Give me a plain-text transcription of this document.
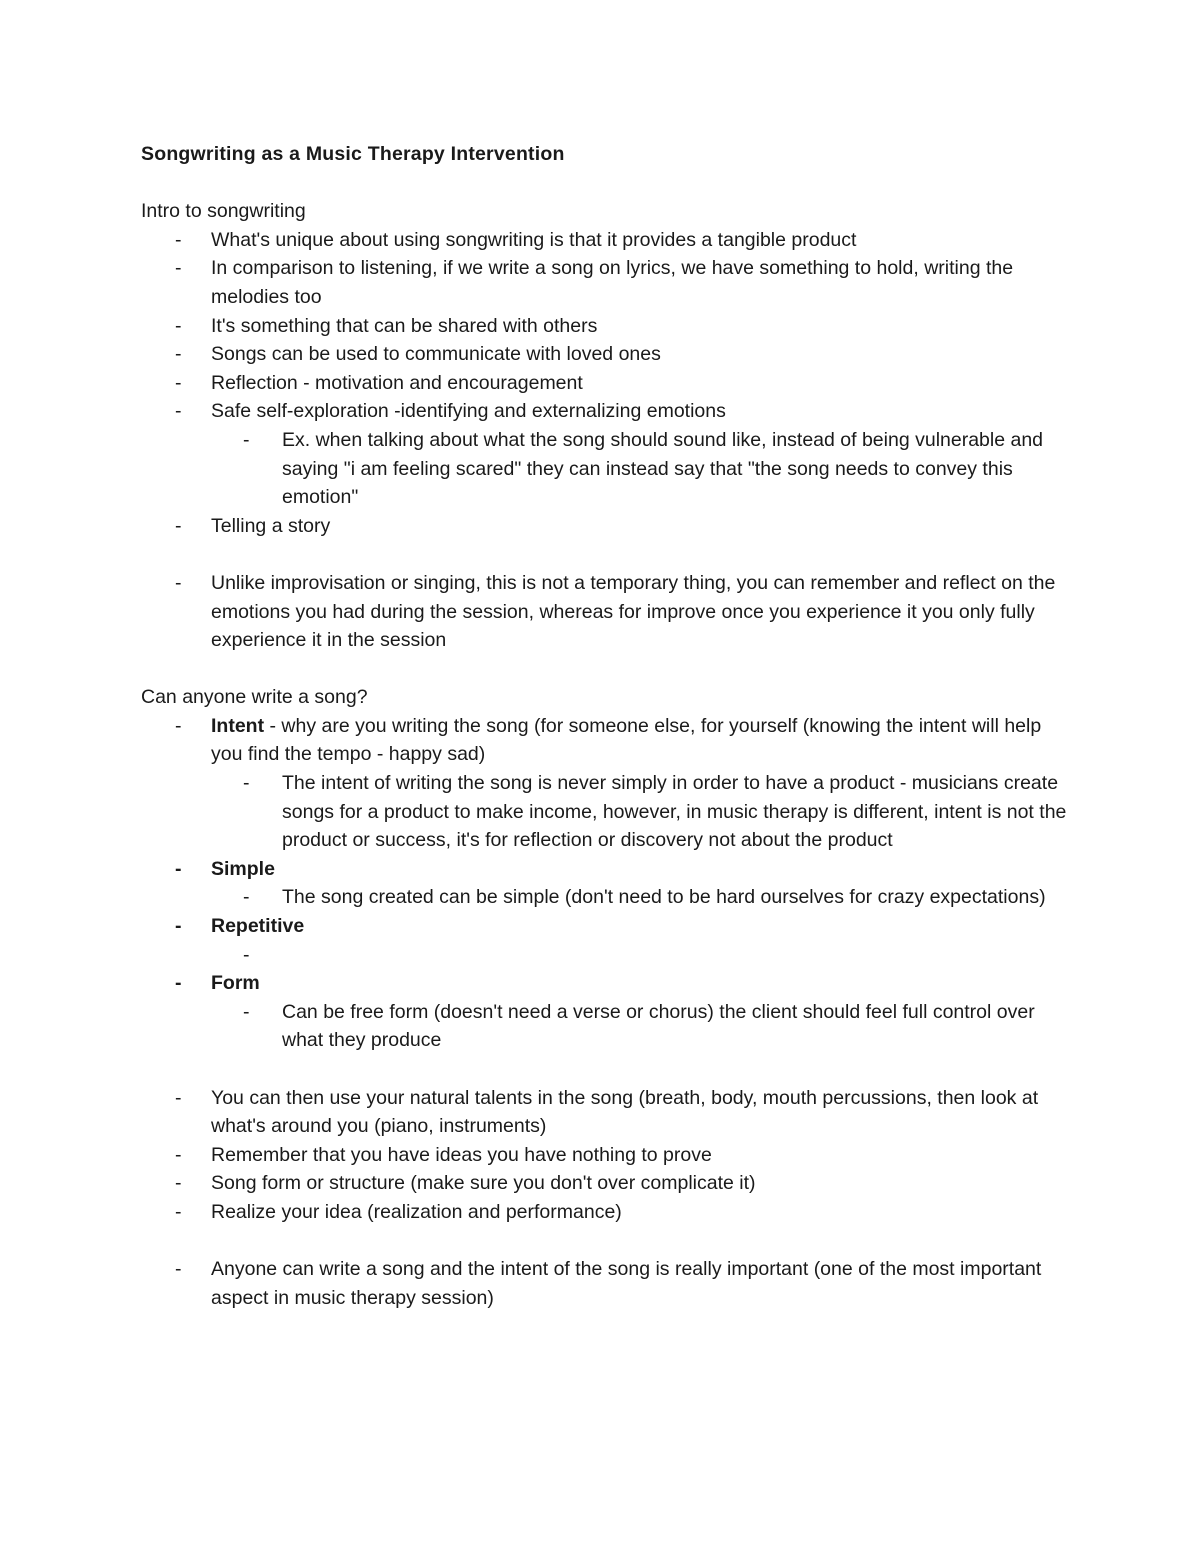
Songwriting as a Music Therapy Intervention
Intro to songwriting
- What's unique about using songwriting is that it provides a tangible product
- In comparison to listening, if we write a song on lyrics, we have something to hold, writing the melodies too
- It's something that can be shared with others
- Songs can be used to communicate with loved ones
- Reflection - motivation and encouragement
- Safe self-exploration -identifying and externalizing emotions
- Ex. when talking about what the song should sound like, instead of being vulnerable and saying "i am feeling scared" they can instead say that "the song needs to convey this emotion"
- Telling a story
- Unlike improvisation or singing, this is not a temporary thing, you can remember and reflect on the emotions you had during the session, whereas for improve once you experience it you only fully experience it in the session
Can anyone write a song?
- Intent - why are you writing the song (for someone else, for yourself (knowing the intent will help you find the tempo - happy sad)
- The intent of writing the song is never simply in order to have a product - musicians create songs for a product to make income, however, in music therapy is different, intent is not the product or success, it's for reflection or discovery not about the product
- Simple
- The song created can be simple (don't need to be hard ourselves for crazy expectations)
- Repetitive
-

- Form
- Can be free form (doesn't need a verse or chorus) the client should feel full control over what they produce
- You can then use your natural talents in the song (breath, body, mouth percussions, then look at what's around you (piano, instruments)
- Remember that you have ideas you have nothing to prove
- Song form or structure (make sure you don't over complicate it)
- Realize your idea (realization and performance)
- Anyone can write a song and the intent of the song is really important (one of the most important aspect in music therapy session)
